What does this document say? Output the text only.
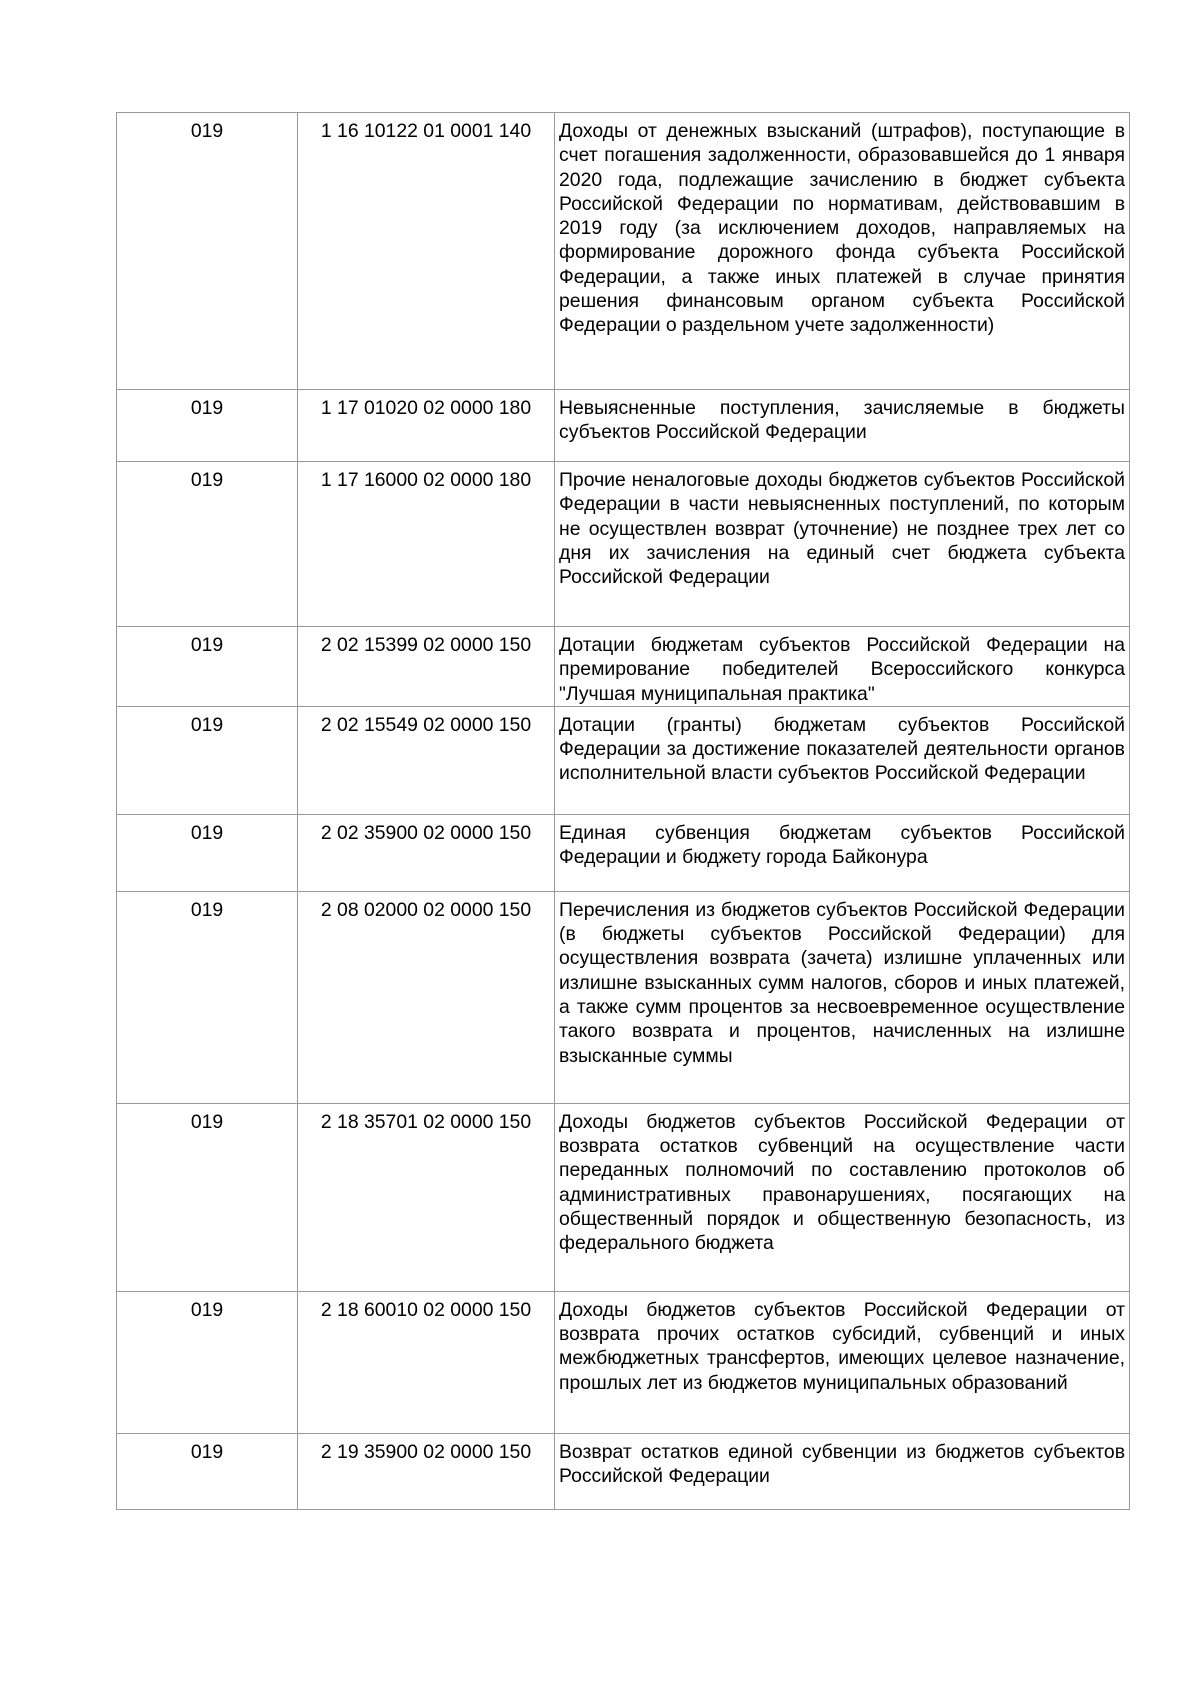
019	1 16 10122 01 0001 140	Доходы от денежных взысканий (штрафов), поступающие в счет погашения задолженности, образовавшейся до 1 января 2020 года, подлежащие зачислению в бюджет субъекта Российской Федерации по нормативам, действовавшим в 2019 году (за исключением доходов, направляемых на формирование дорожного фонда субъекта Российской Федерации, а также иных платежей в случае принятия решения финансовым органом субъекта Российской Федерации о раздельном учете задолженности)
019	1 17 01020 02 0000 180	Невыясненные поступления, зачисляемые в бюджеты субъектов Российской Федерации
019	1 17 16000 02 0000 180	Прочие неналоговые доходы бюджетов субъектов Российской Федерации в части невыясненных поступлений, по которым не осуществлен возврат (уточнение) не позднее трех лет со дня их зачисления на единый счет бюджета субъекта Российской Федерации
019	2 02 15399 02 0000 150	Дотации бюджетам субъектов Российской Федерации на премирование победителей Всероссийского конкурса "Лучшая муниципальная практика"
019	2 02 15549 02 0000 150	Дотации (гранты) бюджетам субъектов Российской Федерации за достижение показателей деятельности органов исполнительной власти субъектов Российской Федерации
019	2 02 35900 02 0000 150	Единая субвенция бюджетам субъектов Российской Федерации и бюджету города Байконура
019	2 08 02000 02 0000 150	Перечисления из бюджетов субъектов Российской Федерации (в бюджеты субъектов Российской Федерации) для осуществления возврата (зачета) излишне уплаченных или излишне взысканных сумм налогов, сборов и иных платежей, а также сумм процентов за несвоевременное осуществление такого возврата и процентов, начисленных на излишне взысканные суммы
019	2 18 35701 02 0000 150	Доходы бюджетов субъектов Российской Федерации от возврата остатков субвенций на осуществление части переданных полномочий по составлению протоколов об административных правонарушениях, посягающих на общественный порядок и общественную безопасность, из федерального бюджета
019	2 18 60010 02 0000 150	Доходы бюджетов субъектов Российской Федерации от возврата прочих остатков субсидий, субвенций и иных межбюджетных трансфертов, имеющих целевое назначение, прошлых лет из бюджетов муниципальных образований
019	2 19 35900 02 0000 150	Возврат остатков единой субвенции из бюджетов субъектов Российской Федерации
